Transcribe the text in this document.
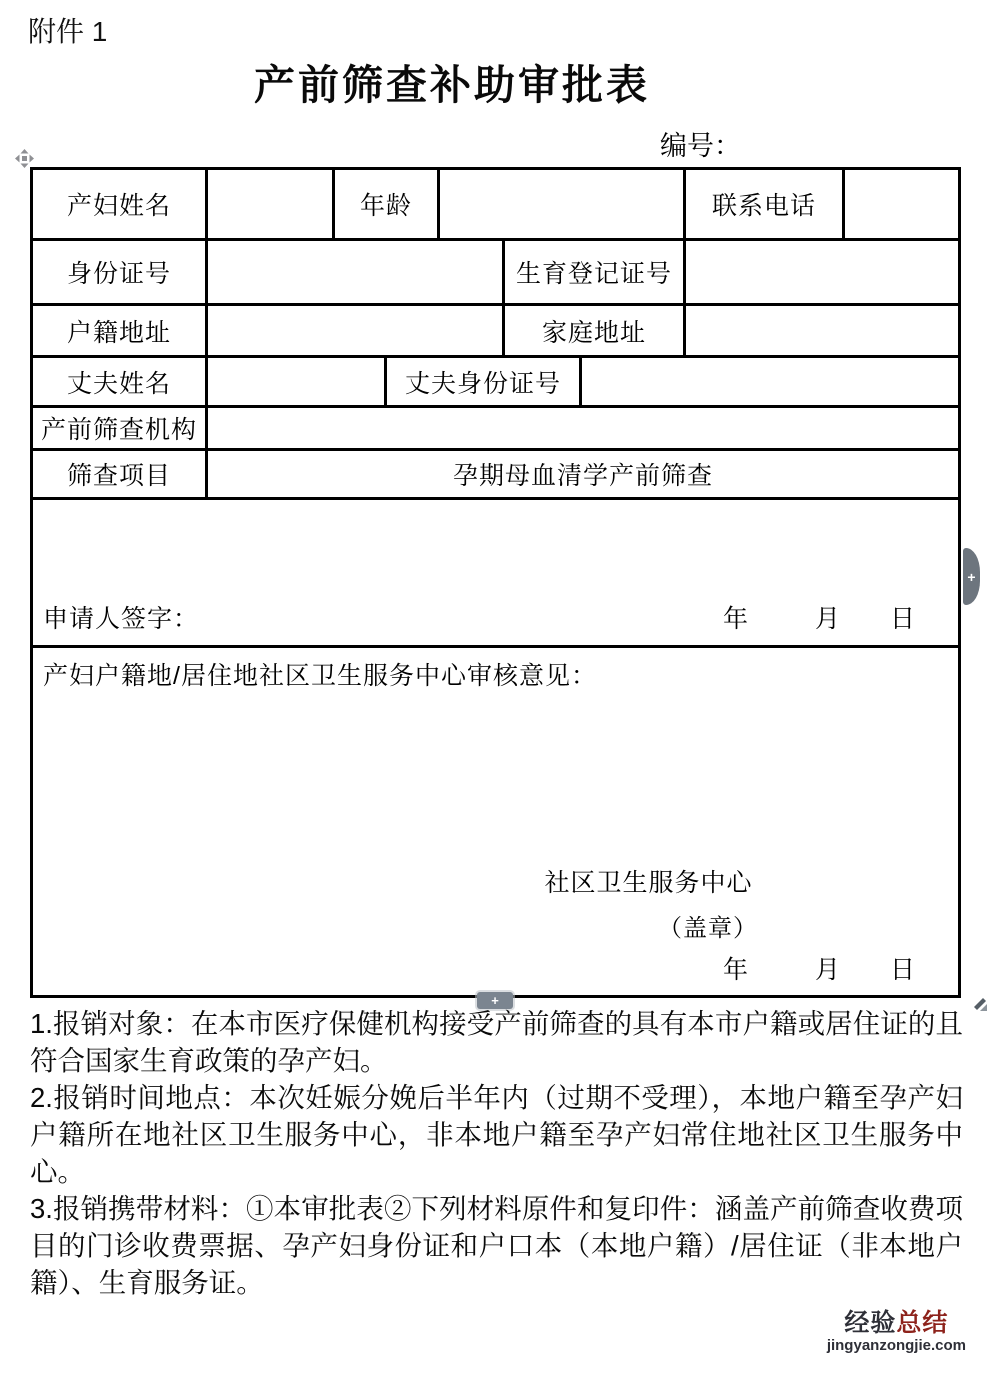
附件 1
产前筛查补助审批表
编号：
产妇姓名	年龄	联系电话
身份证号	生育登记证号
户籍地址	家庭地址
丈夫姓名	丈夫身份证号
产前筛查机构
筛查项目	孕期母血清学产前筛查
申请人签字：	年	月 日
产妇户籍地/居住地社区卫生服务中心审核意见：
社区卫生服务中心
（盖章）
年	月 日
+
+

1.报销对象：在本市医疗保健机构接受产前筛查的具有本市户籍或居住证的且符合国家生育政策的孕产妇。

2.报销时间地点：本次妊娠分娩后半年内（过期不受理），本地户籍至孕产妇户籍所在地社区卫生服务中心，非本地户籍至孕产妇常住地社区卫生服务中心。

3.报销携带材料：①本审批表②下列材料原件和复印件：涵盖产前筛查收费项目的门诊收费票据、孕产妇身份证和户口本（本地户籍）/居住证（非本地户籍）、生育服务证。

经验总结
jingyanzongjie.com
